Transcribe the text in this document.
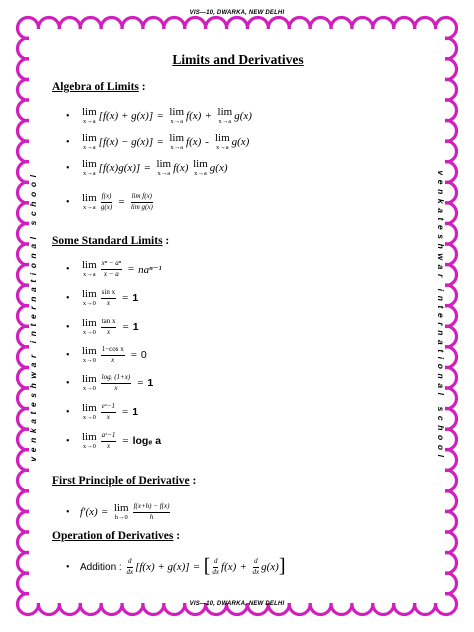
VIS—10, DWARKA, NEW DELHI
VIS—10, DWARKA, NEW DELHI
venkateshwar international school	venkateshwar international school
Limits and Derivatives
Algebra of Limits :
•	lim
x→a [f(x) + g(x)] = lim
x→a f(x) + lim
x→a g(x)
•	lim
x→a [f(x) − g(x)] = lim
x→a f(x) - lim
x→a g(x)
•	lim
x→a [f(x)g(x)] = lim
x→a f(x)
lim
x→a g(x)
•	lim
$x\to a \frac{f(x)}{g(x)} = \frac{\text{lim f(x)}}{\text{lim g(x)}}$
Some Standard Limits :
•	lim
$x\to a \frac{\text{xⁿ − aⁿ}}{x - a} = na^{n-1}$
•	lim
$x\to 0 \frac{\text{sin x}}{x} = 1$
•	lim
$x\to 0 \frac{\text{tan x}}{x} = 1$
•	lim
$x\to 0 \frac{\text{1−cos x}}{x} = 0$
•	lim
$x\to 0 \frac{\text{logₑ (1+x)}}{x} = 1$
•	lim
$x\to 0 \frac{\text{eˣ−1}}{x} = 1$
•	lim
$x\to 0 \frac{\text{aˣ−1}}{x} = \log_e$ a
First Principle of Derivative :
• f′(x) = lim
$h\to 0 \frac{f(x+h) - f(x)}{h}$
Operation of Derivatives :
•	Addition :
$\frac{d}{dx} [f(x) + g(x)]$ = [ $\frac{d}{dx} f(x) + \frac{d}{dx} g(x)$ ]
